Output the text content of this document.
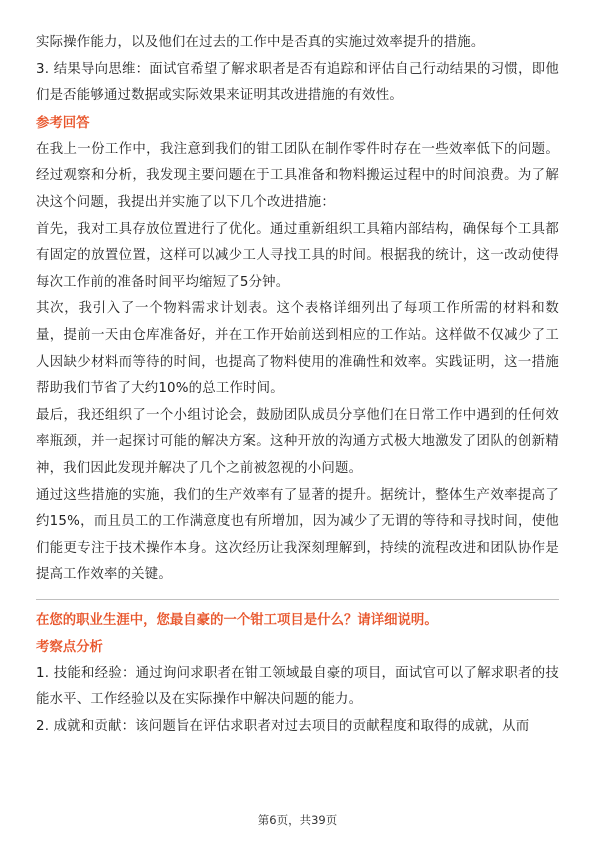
实际操作能力，以及他们在过去的工作中是否真的实施过效率提升的措施。

3. 结果导向思维：面试官希望了解求职者是否有追踪和评估自己行动结果的习惯，即他们是否能够通过数据或实际效果来证明其改进措施的有效性。

参考回答

在我上一份工作中，我注意到我们的钳工团队在制作零件时存在一些效率低下的问题。经过观察和分析，我发现主要问题在于工具准备和物料搬运过程中的时间浪费。为了解决这个问题，我提出并实施了以下几个改进措施：

首先，我对工具存放位置进行了优化。通过重新组织工具箱内部结构，确保每个工具都有固定的放置位置，这样可以减少工人寻找工具的时间。根据我的统计，这一改动使得每次工作前的准备时间平均缩短了5分钟。

其次，我引入了一个物料需求计划表。这个表格详细列出了每项工作所需的材料和数量，提前一天由仓库准备好，并在工作开始前送到相应的工作站。这样做不仅减少了工人因缺少材料而等待的时间，也提高了物料使用的准确性和效率。实践证明，这一措施帮助我们节省了大约10%的总工作时间。

最后，我还组织了一个小组讨论会，鼓励团队成员分享他们在日常工作中遇到的任何效率瓶颈，并一起探讨可能的解决方案。这种开放的沟通方式极大地激发了团队的创新精神，我们因此发现并解决了几个之前被忽视的小问题。

通过这些措施的实施，我们的生产效率有了显著的提升。据统计，整体生产效率提高了约15%，而且员工的工作满意度也有所增加，因为减少了无谓的等待和寻找时间，使他们能更专注于技术操作本身。这次经历让我深刻理解到，持续的流程改进和团队协作是提高工作效率的关键。

在您的职业生涯中，您最自豪的一个钳工项目是什么？请详细说明。

考察点分析

1. 技能和经验：通过询问求职者在钳工领域最自豪的项目，面试官可以了解求职者的技能水平、工作经验以及在实际操作中解决问题的能力。

2. 成就和贡献：该问题旨在评估求职者对过去项目的贡献程度和取得的成就，从而

第6页，共39页
